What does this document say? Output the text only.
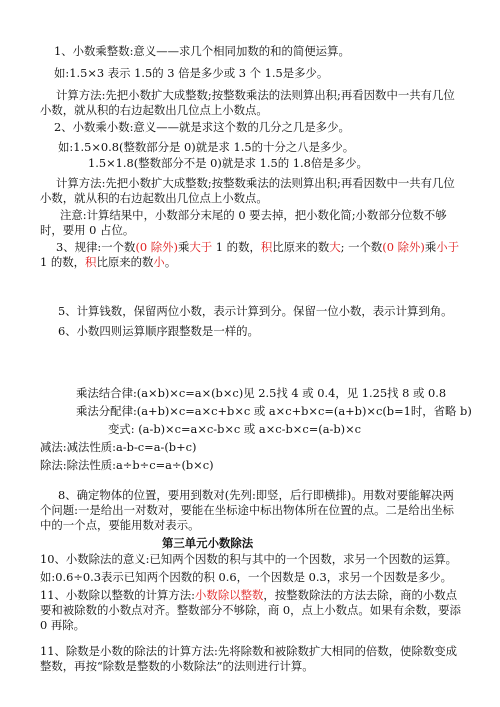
1、小数乘整数:意义——求几个相同加数的和的简便运算。
如:1.5×3 表示 1.5的 3 倍是多少或 3 个 1.5是多少。
计算方法:先把小数扩大成整数;按整数乘法的法则算出积;再看因数中一共有几位小数，就从积的右边起数出几位点上小数点。
2、小数乘小数:意义——就是求这个数的几分之几是多少。
如:1.5×0.8(整数部分是 0)就是求 1.5的十分之八是多少。
1.5×1.8(整数部分不是 0)就是求 1.5的 1.8倍是多少。
计算方法:先把小数扩大成整数;按整数乘法的法则算出积;再看因数中一共有几位小数，就从积的右边起数出几位点上小数点。
注意:计算结果中，小数部分末尾的 0 要去掉，把小数化简;小数部分位数不够时，要用 0 占位。
3、规律:一个数(0 除外)乘大于 1 的数，积比原来的数大; 一个数(0 除外)乘小于 1 的数，积比原来的数小。
5、计算钱数，保留两位小数，表示计算到分。保留一位小数，表示计算到角。
6、小数四则运算顺序跟整数是一样的。
乘法结合律:(a×b)×c=a×(b×c)见 2.5找 4 或 0.4，见 1.25找 8 或 0.8
乘法分配律:(a+b)×c=a×c+b×c 或 a×c+b×c=(a+b)×c(b=1时，省略 b)
变式: (a-b)×c=a×c-b×c 或 a×c-b×c=(a-b)×c
减法:减法性质:a-b-c=a-(b+c)
除法:除法性质:a÷b÷c=a÷(b×c)
8、确定物体的位置，要用到数对(先列:即竖，后行即横排)。用数对要能解决两个问题:一是给出一对数对，要能在坐标途中标出物体所在位置的点。二是给出坐标中的一个点，要能用数对表示。
第三单元小数除法
10、小数除法的意义:已知两个因数的积与其中的一个因数，求另一个因数的运算。
如:0.6÷0.3表示已知两个因数的积 0.6，一个因数是 0.3，求另一个因数是多少。
11、小数除以整数的计算方法:小数除以整数，按整数除法的方法去除，商的小数点要和被除数的小数点对齐。整数部分不够除，商 0，点上小数点。如果有余数，要添 0 再除。
11、除数是小数的除法的计算方法:先将除数和被除数扩大相同的倍数，使除数变成整数，再按“除数是整数的小数除法”的法则进行计算。
